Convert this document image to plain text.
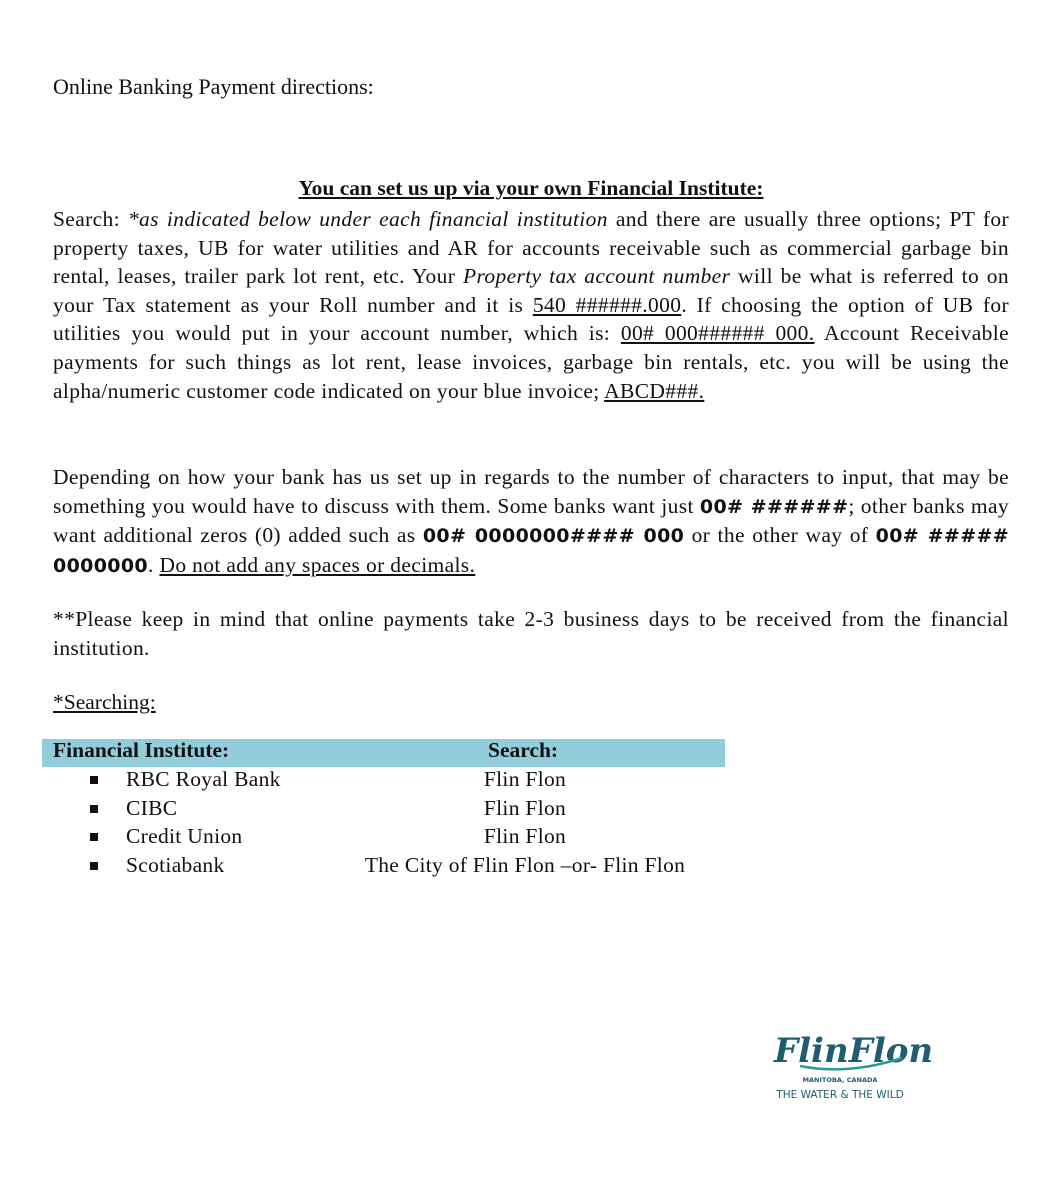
Online Banking Payment directions:
You can set us up via your own Financial Institute:
Search: *as indicated below under each financial institution and there are usually three options; PT for property taxes, UB for water utilities and AR for accounts receivable such as commercial garbage bin rental, leases, trailer park lot rent, etc. Your Property tax account number will be what is referred to on your Tax statement as your Roll number and it is 540 ######.000. If choosing the option of UB for utilities you would put in your account number, which is: 00# 000###### 000. Account Receivable payments for such things as lot rent, lease invoices, garbage bin rentals, etc. you will be using the alpha/numeric customer code indicated on your blue invoice; ABCD###.
Depending on how your bank has us set up in regards to the number of characters to input, that may be something you would have to discuss with them. Some banks want just 00# ######; other banks may want additional zeros (0) added such as 00# 0000000#### 000 or the other way of 00# ##### 0000000. Do not add any spaces or decimals.
**Please keep in mind that online payments take 2-3 business days to be received from the financial institution.
*Searching:
Financial Institute:	Search:
RBC Royal Bank	Flin Flon
CIBC	Flin Flon
Credit Union	Flin Flon
Scotiabank	The City of Flin Flon –or- Flin Flon
FlinFlon
MANITOBA, CANADA
THE WATER & THE WILD
